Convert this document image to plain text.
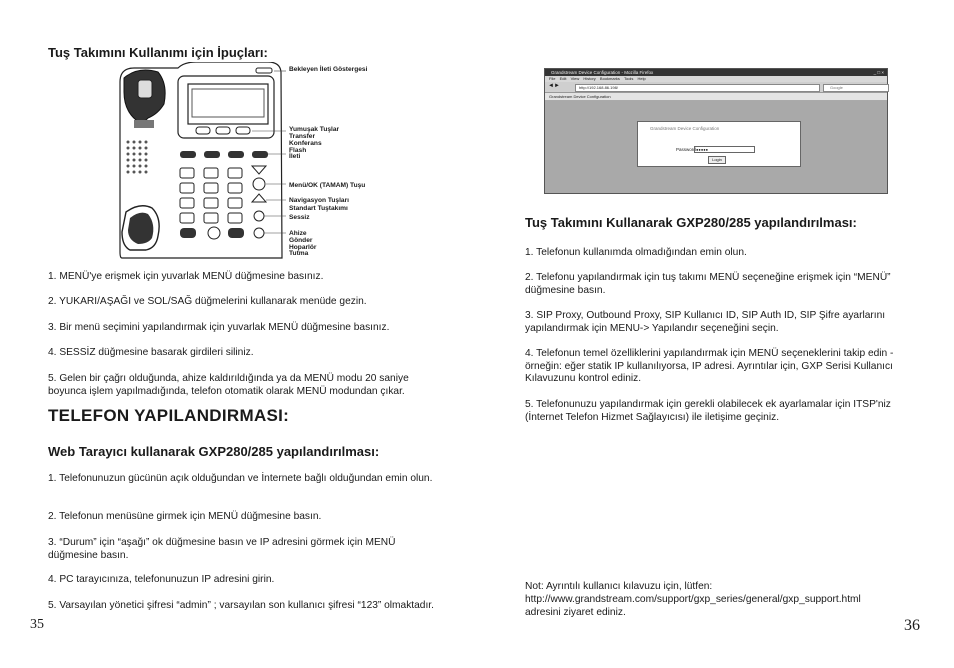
Tuş Takımını Kullanımı için İpuçları:
Bekleyen İleti Göstergesi
Yumuşak Tuşlar
Transfer
Konferans
Flash
İleti
Menü/OK (TAMAM) Tuşu
Navigasyon Tuşları
Standart Tuştakımı
Sessiz
Ahize
Gönder
Hoparlör
Tutma
1. MENÜ'ye erişmek için yuvarlak MENÜ düğmesine basınız.
2. YUKARI/AŞAĞI ve SOL/SAĞ düğmelerini kullanarak menüde gezin.
3. Bir menü seçimini yapılandırmak için yuvarlak MENÜ düğmesine basınız.
4. SESSİZ düğmesine basarak girdileri siliniz.
5. Gelen bir çağrı olduğunda, ahize kaldırıldığında ya da MENÜ modu 20 saniye boyunca işlem yapılmadığında, telefon otomatik olarak MENÜ modundan çıkar.
TELEFON YAPILANDIRMASI:
Web Tarayıcı kullanarak GXP280/285 yapılandırılması:
1. Telefonunuzun gücünün açık olduğundan ve İnternete bağlı olduğundan emin olun.
2. Telefonun menüsüne girmek için MENÜ düğmesine basın.
3. “Durum” için “aşağı” ok düğmesine basın ve IP adresini görmek için MENÜ düğmesine basın.
4. PC tarayıcınıza, telefonunuzun IP adresini girin.
5. Varsayılan yönetici şifresi “admin” ; varsayılan son kullanıcı şifresi “123” olmaktadır.
35
Grandstream Device Configuration - Mozilla Firefox	_ □ ×
File Edit View History Bookmarks Tools Help
◄►	http://192.168.86.198/	Google
Grandstream Device Configuration
Grandstream Device Configuration
Password ●●●●●
Login
Tuş Takımını Kullanarak GXP280/285 yapılandırılması:
1. Telefonun kullanımda olmadığından emin olun.
2. Telefonu yapılandırmak için tuş takımı MENÜ seçeneğine erişmek için “MENÜ” düğmesine basın.
3. SIP Proxy, Outbound Proxy, SIP Kullanıcı ID, SIP Auth ID, SIP Şifre ayarlarını yapılandırmak için MENU-> Yapılandır seçeneğini seçin.
4. Telefonun temel özelliklerini yapılandırmak için MENÜ seçeneklerini takip edin - örneğin: eğer statik IP kullanılıyorsa, IP adresi. Ayrıntılar için, GXP Serisi Kullanıcı Kılavuzunu kontrol ediniz.
5. Telefonunuzu yapılandırmak için gerekli olabilecek ek ayarlamalar için ITSP'niz (İnternet Telefon Hizmet Sağlayıcısı) ile iletişime geçiniz.
Not: Ayrıntılı kullanıcı kılavuzu için, lütfen:
http://www.grandstream.com/support/gxp_series/general/gxp_support.html
adresini ziyaret ediniz.
36
